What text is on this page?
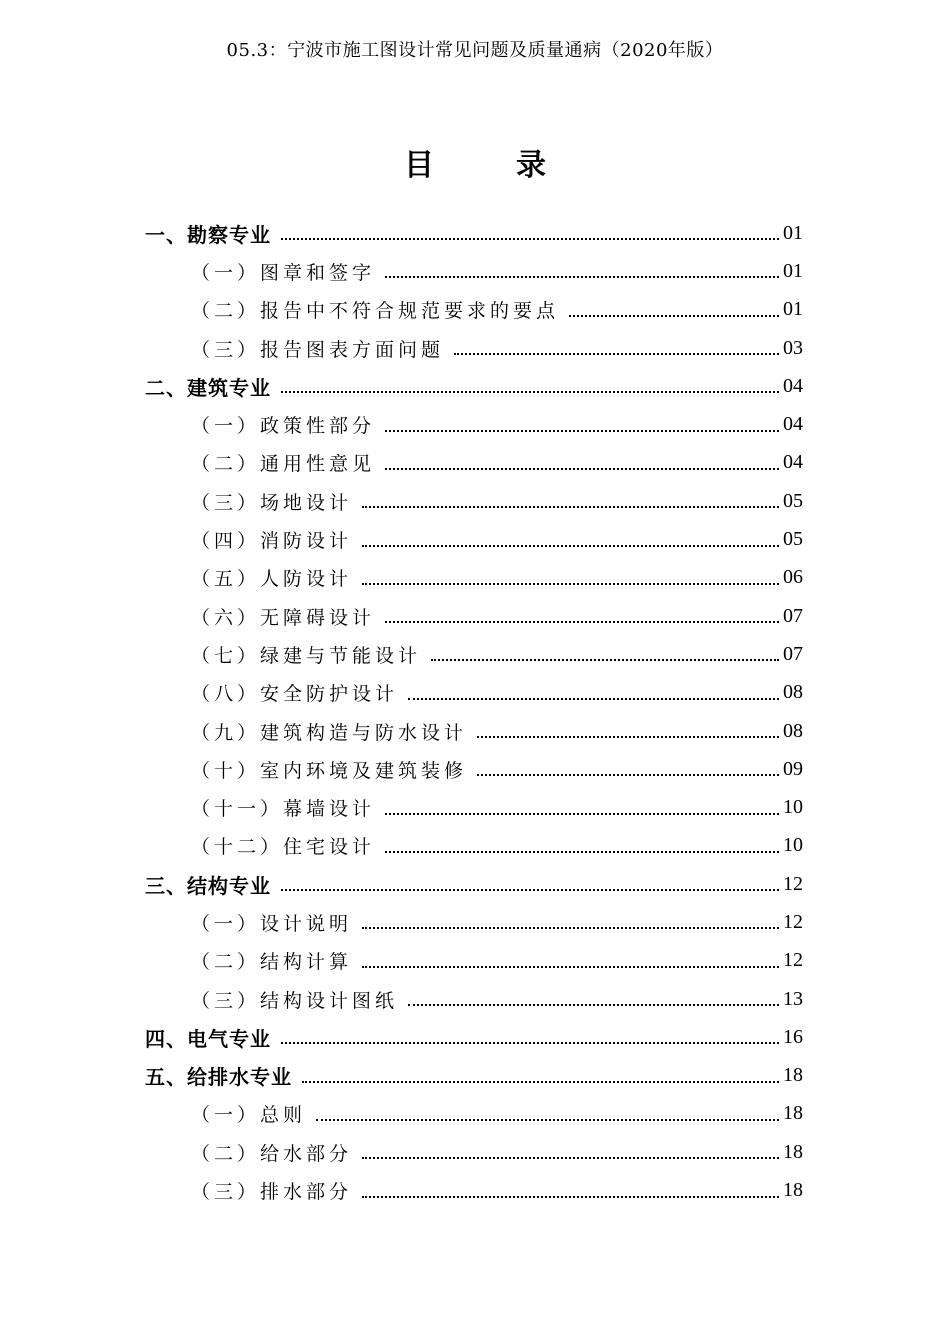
05.3：宁波市施工图设计常见问题及质量通病（2020年版）
目　录
一、勘察专业	01
（一）图章和签字	01
（二）报告中不符合规范要求的要点	01
（三）报告图表方面问题	03
二、建筑专业	04
（一）政策性部分	04
（二）通用性意见	04
（三）场地设计	05
（四）消防设计	05
（五）人防设计	06
（六）无障碍设计	07
（七）绿建与节能设计	07
（八）安全防护设计	08
（九）建筑构造与防水设计	08
（十）室内环境及建筑装修	09
（十一）幕墙设计	10
（十二）住宅设计	10
三、结构专业	12
（一）设计说明	12
（二）结构计算	12
（三）结构设计图纸	13
四、电气专业	16
五、给排水专业	18
（一）总则	18
（二）给水部分	18
（三）排水部分	18
